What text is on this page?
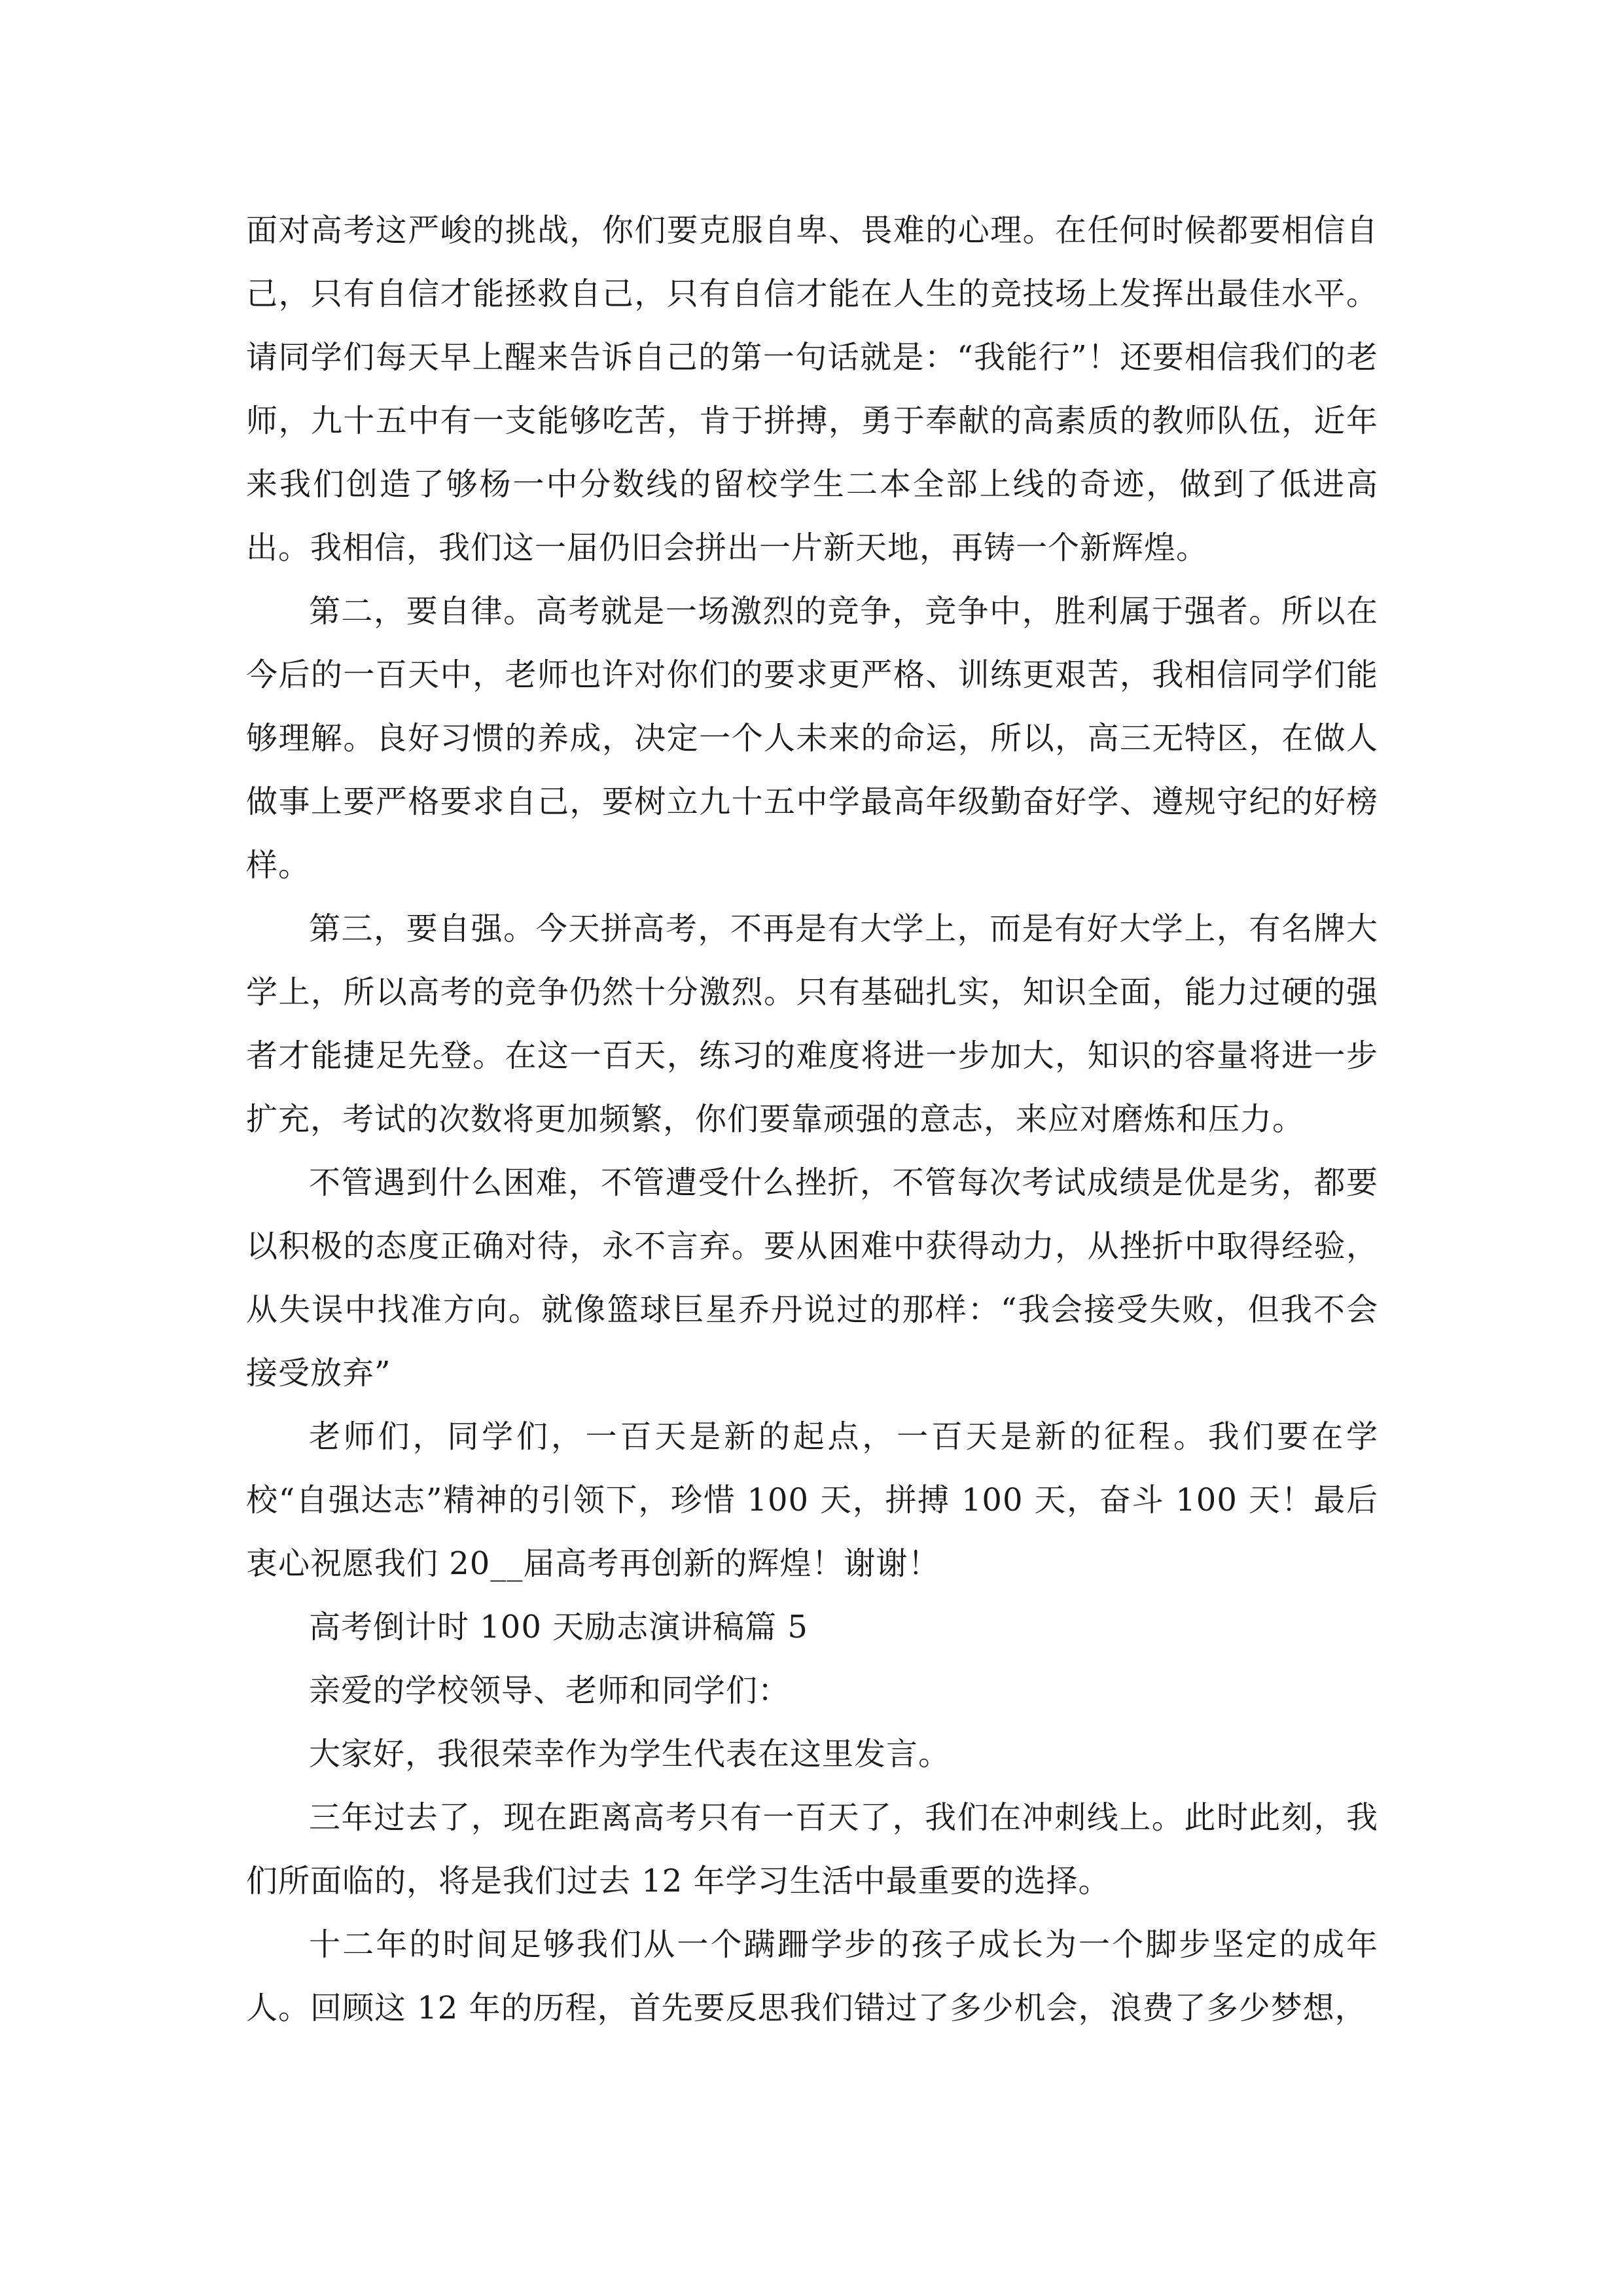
面对高考这严峻的挑战，你们要克服自卑、畏难的心理。在任何时候都要相信自己，只有自信才能拯救自己，只有自信才能在人生的竞技场上发挥出最佳水平。请同学们每天早上醒来告诉自己的第一句话就是：“我能行”！还要相信我们的老师，九十五中有一支能够吃苦，肯于拼搏，勇于奉献的高素质的教师队伍，近年来我们创造了够杨一中分数线的留校学生二本全部上线的奇迹，做到了低进高出。我相信，我们这一届仍旧会拼出一片新天地，再铸一个新辉煌。

第二，要自律。高考就是一场激烈的竞争，竞争中，胜利属于强者。所以在今后的一百天中，老师也许对你们的要求更严格、训练更艰苦，我相信同学们能够理解。良好习惯的养成，决定一个人未来的命运，所以，高三无特区，在做人做事上要严格要求自己，要树立九十五中学最高年级勤奋好学、遵规守纪的好榜样。

第三，要自强。今天拼高考，不再是有大学上，而是有好大学上，有名牌大学上，所以高考的竞争仍然十分激烈。只有基础扎实，知识全面，能力过硬的强者才能捷足先登。在这一百天，练习的难度将进一步加大，知识的容量将进一步扩充，考试的次数将更加频繁，你们要靠顽强的意志，来应对磨炼和压力。

不管遇到什么困难，不管遭受什么挫折，不管每次考试成绩是优是劣，都要以积极的态度正确对待，永不言弃。要从困难中获得动力，从挫折中取得经验，从失误中找准方向。就像篮球巨星乔丹说过的那样：“我会接受失败，但我不会接受放弃”

老师们，同学们，一百天是新的起点，一百天是新的征程。我们要在学校“自强达志”精神的引领下，珍惜 100 天，拼搏 100 天，奋斗 100 天！最后衷心祝愿我们 20__届高考再创新的辉煌！谢谢！

高考倒计时 100 天励志演讲稿篇 5

亲爱的学校领导、老师和同学们：

大家好，我很荣幸作为学生代表在这里发言。

三年过去了，现在距离高考只有一百天了，我们在冲刺线上。此时此刻，我们所面临的，将是我们过去 12 年学习生活中最重要的选择。

十二年的时间足够我们从一个蹒跚学步的孩子成长为一个脚步坚定的成年人。回顾这 12 年的历程，首先要反思我们错过了多少机会，浪费了多少梦想，
